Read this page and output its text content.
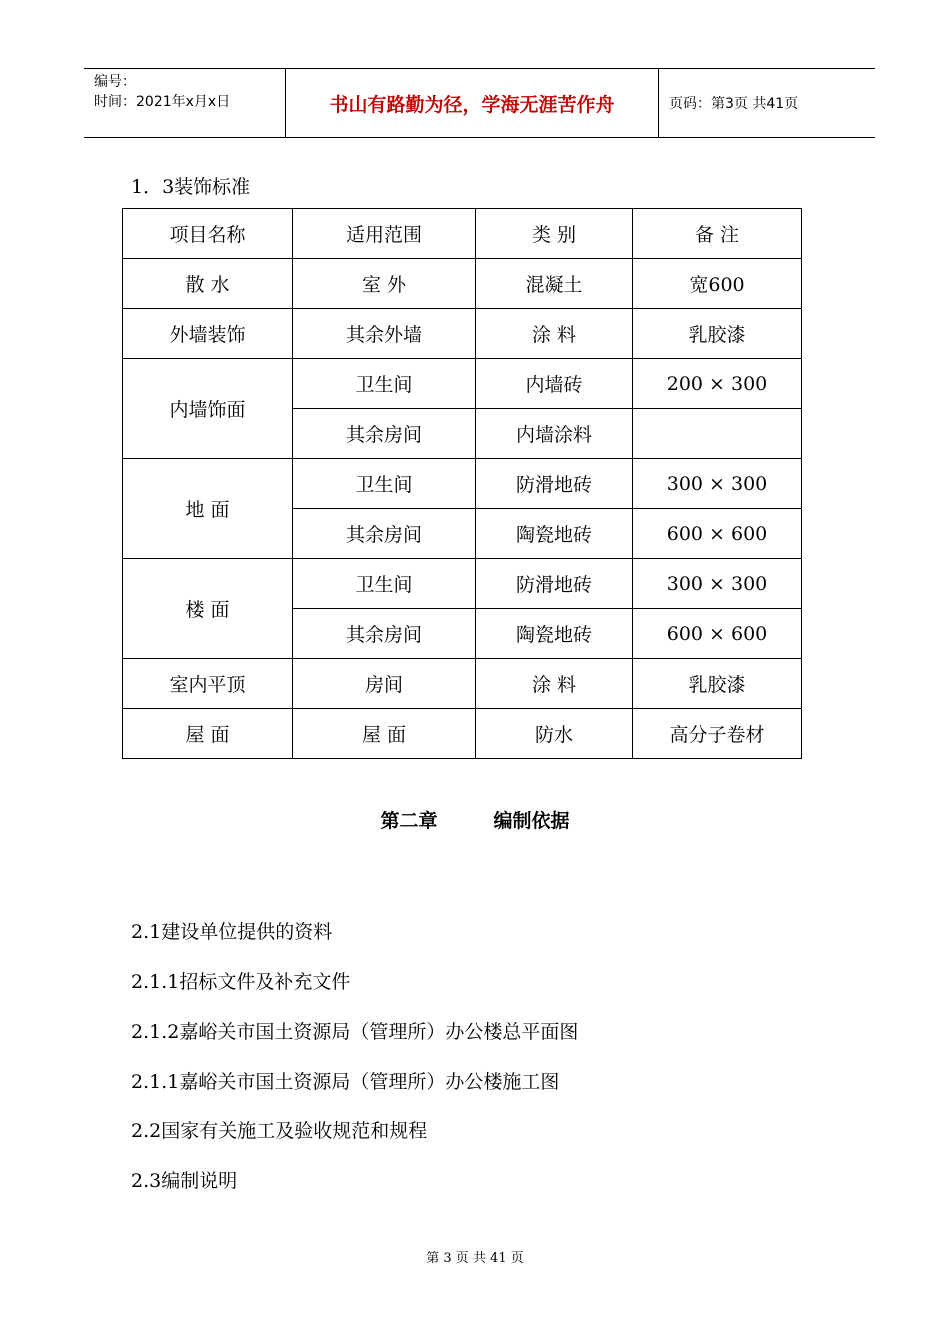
编号：
时间：2021年x月x日	书山有路勤为径，学海无涯苦作舟	页码：第3页 共41页
1．3装饰标准
项目名称	适用范围	类 别	备 注
散 水	室 外	混凝土	宽600
外墙装饰	其余外墙	涂 料	乳胶漆
内墙饰面	卫生间	内墙砖	200 × 300
	其余房间	内墙涂料	
地 面	卫生间	防滑地砖	300 × 300
	其余房间	陶瓷地砖	600 × 600
楼 面	卫生间	防滑地砖	300 × 300
	其余房间	陶瓷地砖	600 × 600
室内平顶	房间	涂 料	乳胶漆
屋 面	屋 面	防水	高分子卷材
第二章	编制依据
2.1建设单位提供的资料
2.1.1招标文件及补充文件
2.1.2嘉峪关市国土资源局（管理所）办公楼总平面图
2.1.1嘉峪关市国土资源局（管理所）办公楼施工图
2.2国家有关施工及验收规范和规程
2.3编制说明
第 3 页 共 41 页
